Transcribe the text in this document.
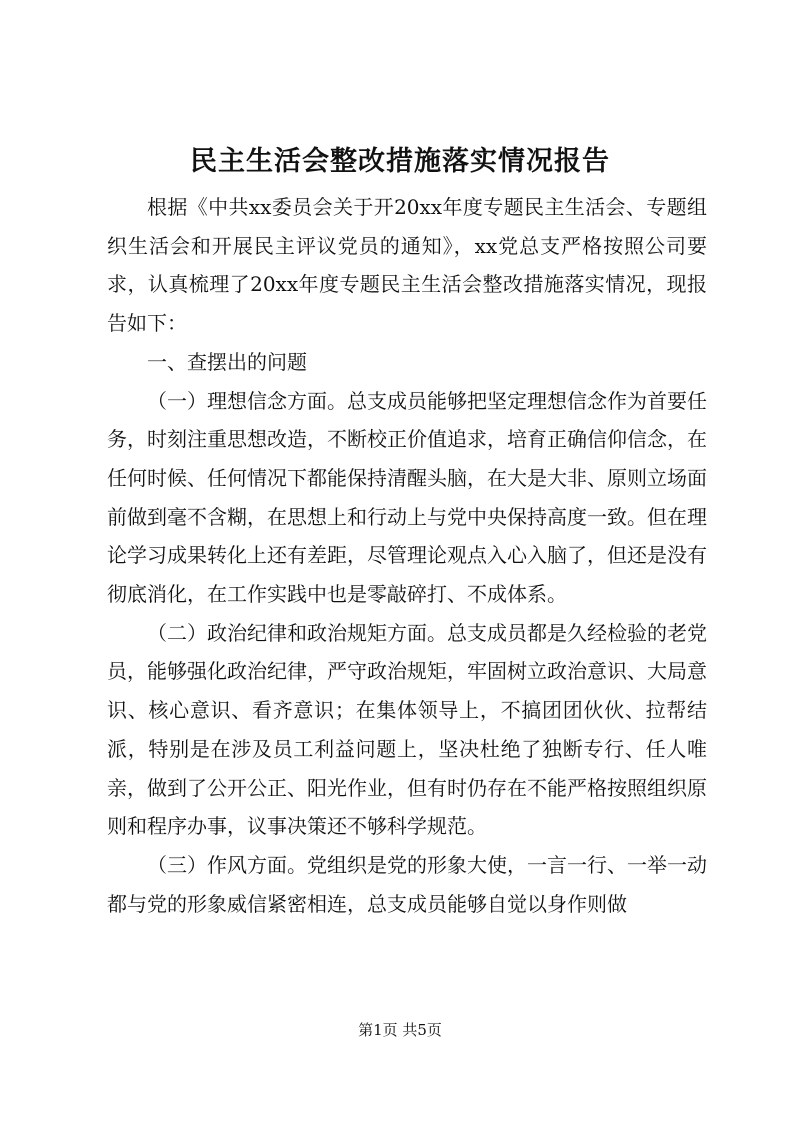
民主生活会整改措施落实情况报告

根据《中共xx委员会关于开20xx年度专题民主生活会、专题组织生活会和开展民主评议党员的通知》，xx党总支严格按照公司要求，认真梳理了20xx年度专题民主生活会整改措施落实情况，现报告如下：

一、查摆出的问题

（一）理想信念方面。总支成员能够把坚定理想信念作为首要任务，时刻注重思想改造，不断校正价值追求，培育正确信仰信念，在任何时候、任何情况下都能保持清醒头脑，在大是大非、原则立场面前做到毫不含糊，在思想上和行动上与党中央保持高度一致。但在理论学习成果转化上还有差距，尽管理论观点入心入脑了，但还是没有彻底消化，在工作实践中也是零敲碎打、不成体系。

（二）政治纪律和政治规矩方面。总支成员都是久经检验的老党员，能够强化政治纪律，严守政治规矩，牢固树立政治意识、大局意识、核心意识、看齐意识；在集体领导上，不搞团团伙伙、拉帮结派，特别是在涉及员工利益问题上，坚决杜绝了独断专行、任人唯亲，做到了公开公正、阳光作业，但有时仍存在不能严格按照组织原则和程序办事，议事决策还不够科学规范。

（三）作风方面。党组织是党的形象大使，一言一行、一举一动都与党的形象威信紧密相连，总支成员能够自觉以身作则做

第1页 共5页
